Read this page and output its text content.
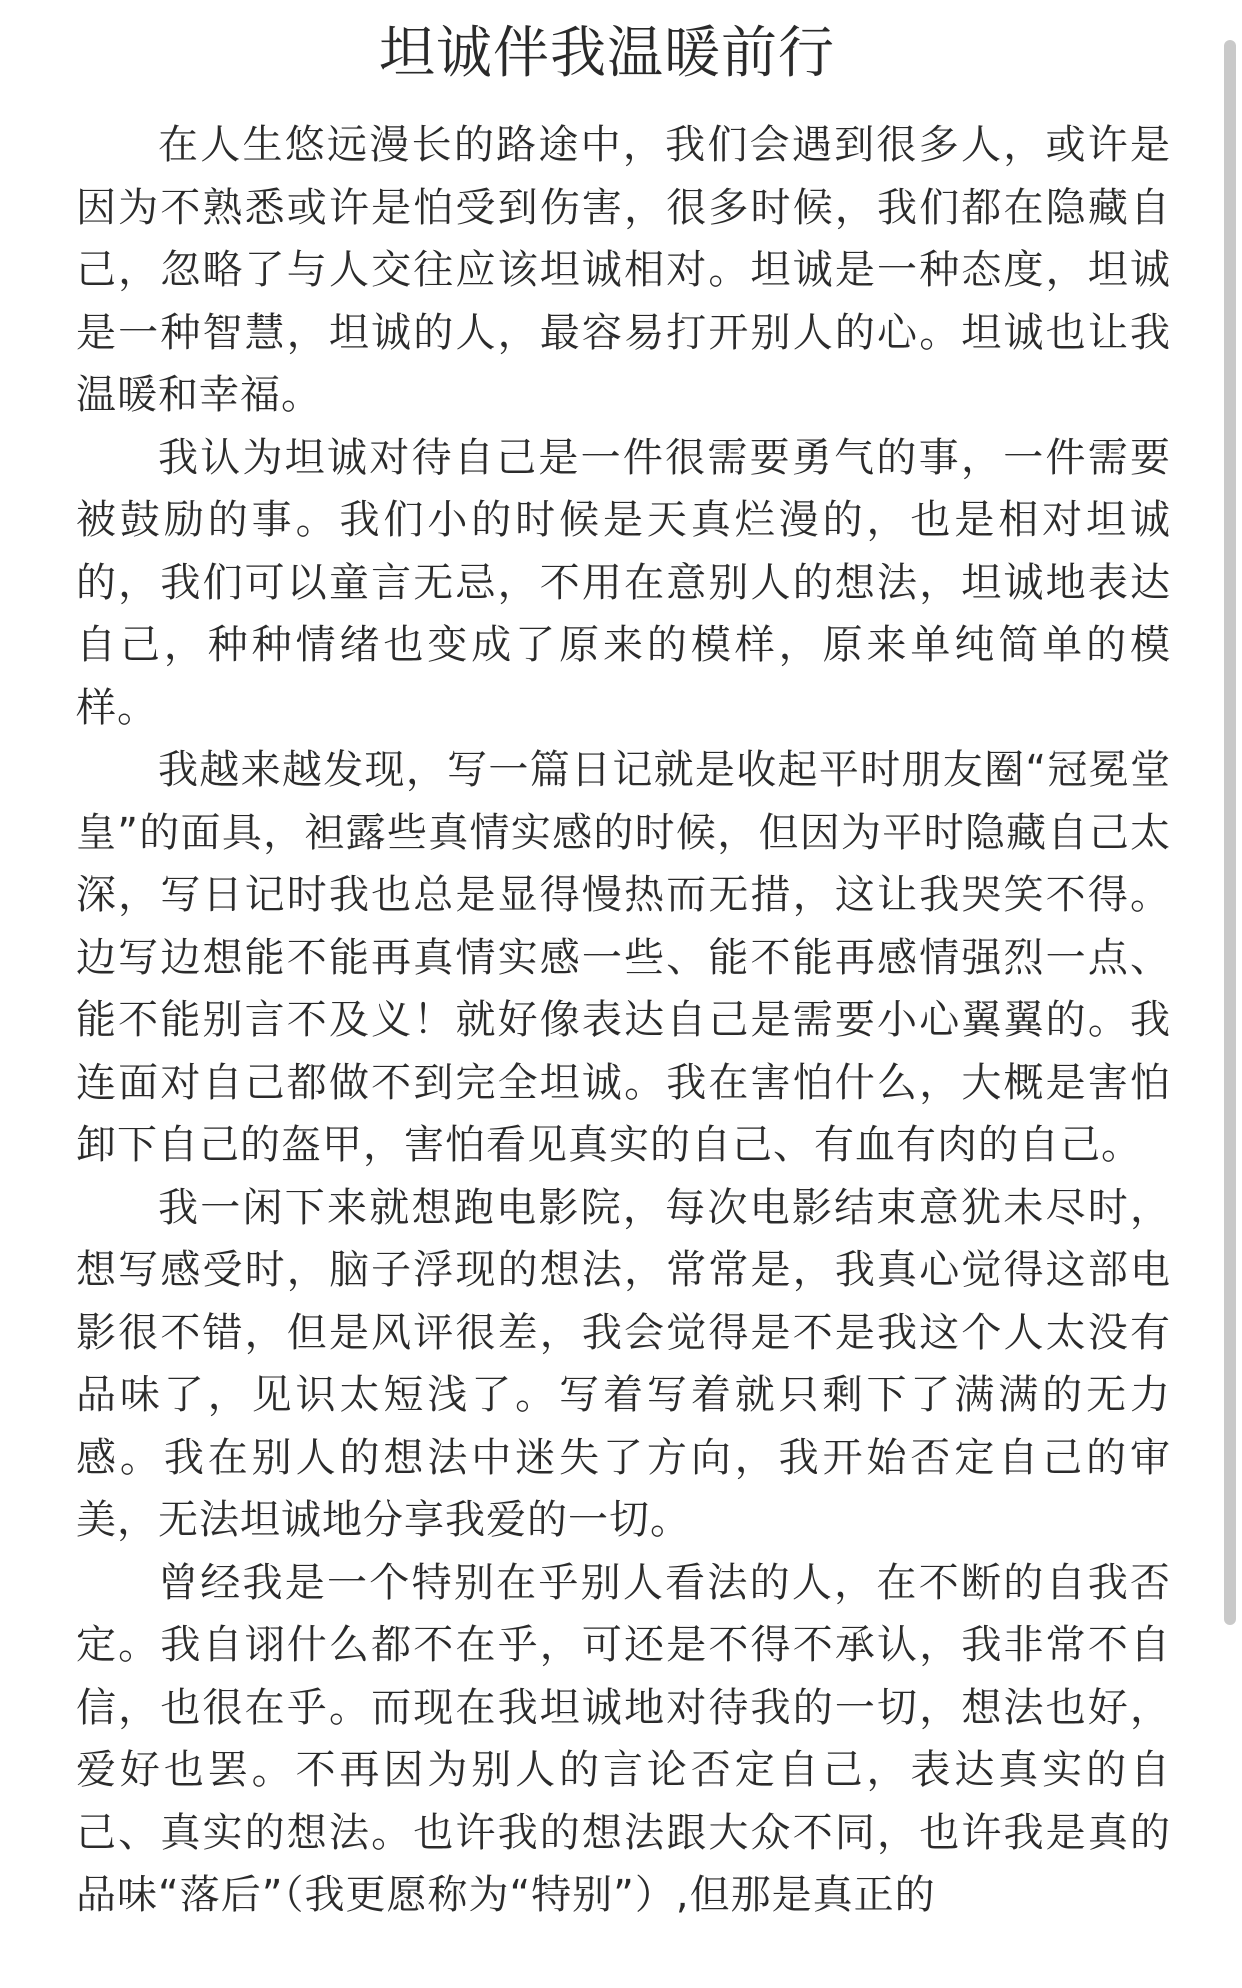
坦诚伴我温暖前行

在人生悠远漫长的路途中，我们会遇到很多人，或许是因为不熟悉或许是怕受到伤害，很多时候，我们都在隐藏自己，忽略了与人交往应该坦诚相对。坦诚是一种态度，坦诚是一种智慧，坦诚的人，最容易打开别人的心。坦诚也让我温暖和幸福。

我认为坦诚对待自己是一件很需要勇气的事，一件需要被鼓励的事。我们小的时候是天真烂漫的，也是相对坦诚的，我们可以童言无忌，不用在意别人的想法，坦诚地表达自己，种种情绪也变成了原来的模样，原来单纯简单的模样。

我越来越发现，写一篇日记就是收起平时朋友圈“冠冕堂皇”的面具，袒露些真情实感的时候，但因为平时隐藏自己太深，写日记时我也总是显得慢热而无措，这让我哭笑不得。边写边想能不能再真情实感一些、能不能再感情强烈一点、能不能别言不及义！就好像表达自己是需要小心翼翼的。我连面对自己都做不到完全坦诚。我在害怕什么，大概是害怕卸下自己的盔甲，害怕看见真实的自己、有血有肉的自己。

我一闲下来就想跑电影院，每次电影结束意犹未尽时，想写感受时，脑子浮现的想法，常常是，我真心觉得这部电影很不错，但是风评很差，我会觉得是不是我这个人太没有品味了，见识太短浅了。写着写着就只剩下了满满的无力感。我在别人的想法中迷失了方向，我开始否定自己的审美，无法坦诚地分享我爱的一切。

曾经我是一个特别在乎别人看法的人，在不断的自我否定。我自诩什么都不在乎，可还是不得不承认，我非常不自信，也很在乎。而现在我坦诚地对待我的一切，想法也好，爱好也罢。不再因为别人的言论否定自己，表达真实的自己、真实的想法。也许我的想法跟大众不同，也许我是真的品味“落后”（我更愿称为“特别”）,但那是真正的
